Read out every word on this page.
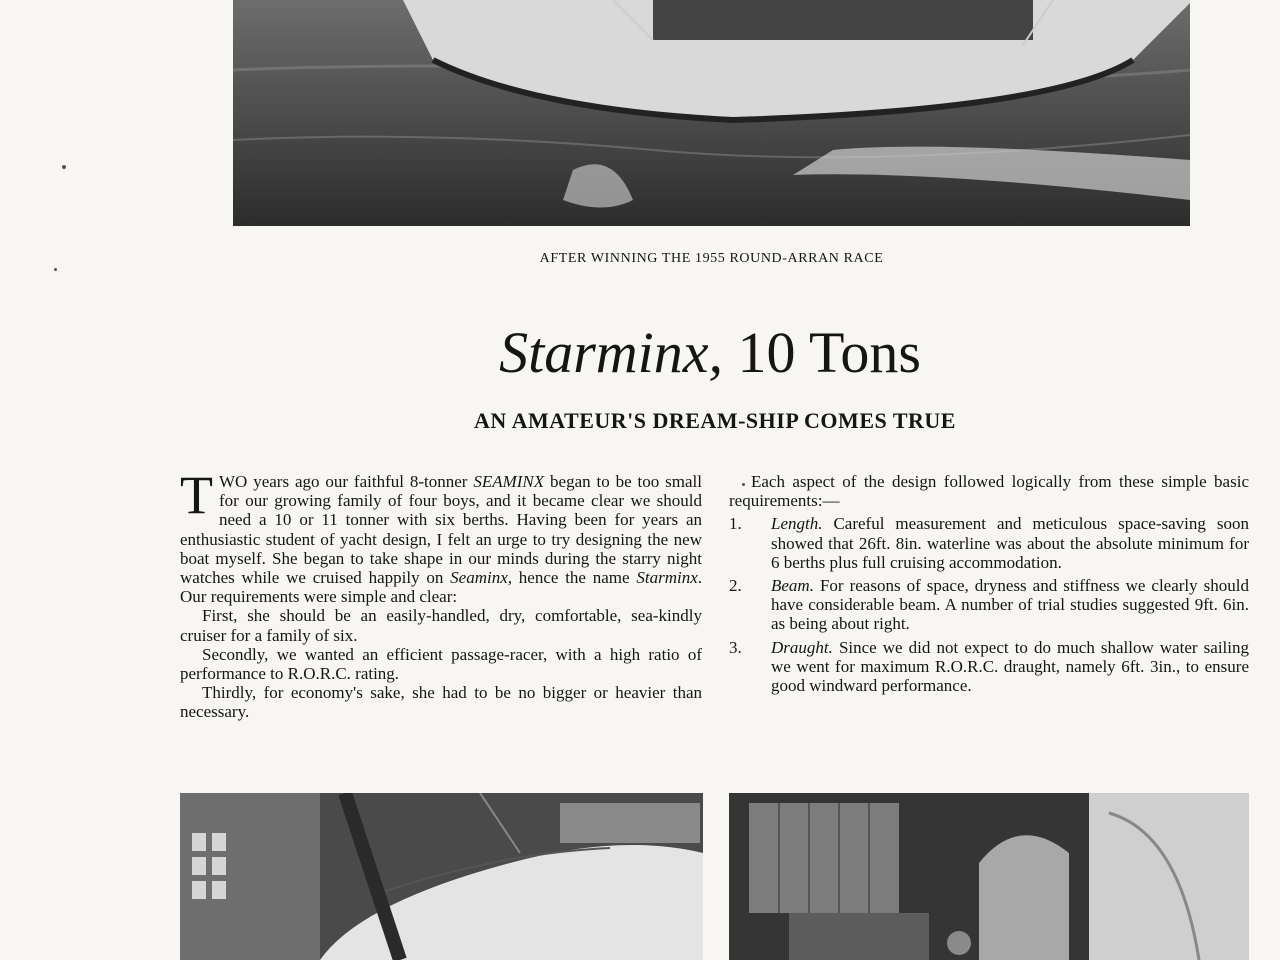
AFTER WINNING THE 1955 ROUND-ARRAN RACE
Starminx, 10 Tons
AN AMATEUR'S DREAM-SHIP COMES TRUE

TWO years ago our faithful 8-tonner SEAMINX began to be too small for our growing family of four boys, and it became clear we should need a 10 or 11 tonner with six berths. Having been for years an enthusiastic student of yacht design, I felt an urge to try designing the new boat myself. She began to take shape in our minds during the starry night watches while we cruised happily on Seaminx, hence the name Starminx. Our requirements were simple and clear:

First, she should be an easily-handled, dry, comfortable, sea-kindly cruiser for a family of six.

Secondly, we wanted an efficient passage-racer, with a high ratio of performance to R.O.R.C. rating.

Thirdly, for economy's sake, she had to be no bigger or heavier than necessary.

Each aspect of the design followed logically from these simple basic requirements:—

1.	Length. Careful measurement and meticulous space-saving soon showed that 26ft. 8in. waterline was about the absolute minimum for 6 berths plus full cruising accommodation.
2.	Beam. For reasons of space, dryness and stiffness we clearly should have considerable beam. A number of trial studies suggested 9ft. 6in. as being about right.
3.	Draught. Since we did not expect to do much shallow water sailing we went for maximum R.O.R.C. draught, namely 6ft. 3in., to ensure good windward performance.
